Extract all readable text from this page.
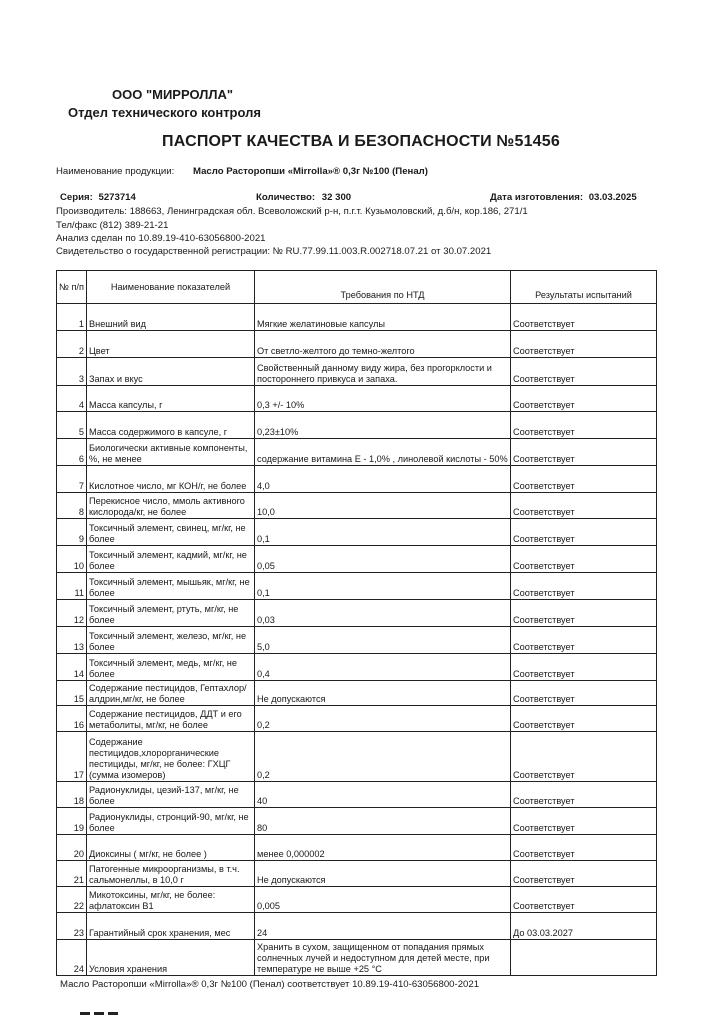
ООО "МИРРОЛЛА"
Отдел технического контроля
ПАСПОРТ КАЧЕСТВА И БЕЗОПАСНОСТИ №51456
Наименование продукции: Масло Расторопши «Mirrolla»® 0,3г №100 (Пенал)
Серия: 5273714	Количество: 32 300	Дата изготовления: 03.03.2025
Производитель: 188663, Ленинградская обл. Всеволожский р-н, п.г.т. Кузьмоловский, д.б/н, кор.186, 271/1
Тел/факс (812) 389-21-21
Анализ сделан по 10.89.19-410-63056800-2021
Свидетельство о государственной регистрации: № RU.77.99.11.003.R.002718.07.21 от 30.07.2021
№ п/п	Наименование показателей	Требования по НТД	Результаты испытаний
1	Внешний вид	Мягкие желатиновые капсулы	Соответствует
2	Цвет	От светло-желтого до темно-желтого	Соответствует
3	Запах и вкус	Свойственный данному виду жира, без прогорклости и постороннего привкуса и запаха.	Соответствует
4	Масса капсулы, г	0,3 +/- 10%	Соответствует
5	Масса содержимого в капсуле, г	0,23±10%	Соответствует
6	Биологически активные компоненты, %, не менее	содержание витамина Е - 1,0% , линолевой кислоты - 50%	Соответствует
7	Кислотное число, мг КОН/г, не более	4,0	Соответствует
8	Перекисное число, ммоль активного кислорода/кг, не более	10,0	Соответствует
9	Токсичный элемент, свинец, мг/кг, не более	0,1	Соответствует
10	Токсичный элемент, кадмий, мг/кг, не более	0,05	Соответствует
11	Токсичный элемент, мышьяк, мг/кг, не более	0,1	Соответствует
12	Токсичный элемент, ртуть, мг/кг, не более	0,03	Соответствует
13	Токсичный элемент, железо, мг/кг, не более	5,0	Соответствует
14	Токсичный элемент, медь, мг/кг, не более	0,4	Соответствует
15	Содержание пестицидов, Гептахлор/ алдрин,мг/кг, не более	Не допускаются	Соответствует
16	Содержание пестицидов, ДДТ и его метаболиты, мг/кг, не более	0,2	Соответствует
17	Содержание пестицидов,хлорорганические пестициды, мг/кг, не более: ГХЦГ (сумма изомеров)	0,2	Соответствует
18	Радионуклиды, цезий-137, мг/кг, не более	40	Соответствует
19	Радионуклиды, стронций-90, мг/кг, не более	80	Соответствует
20	Диоксины ( мг/кг, не более )	менее 0,000002	Соответствует
21	Патогенные микроорганизмы, в т.ч. сальмонеллы, в 10,0 г	Не допускаются	Соответствует
22	Микотоксины, мг/кг, не более: афлатоксин В1	0,005	Соответствует
23	Гарантийный срок хранения, мес	24	До 03.03.2027
24	Условия хранения	Хранить в сухом, защищенном от попадания прямых солнечных лучей и недоступном для детей месте, при температуре не выше +25 °С	
Масло Расторопши «Mirrolla»® 0,3г №100 (Пенал) соответствует 10.89.19-410-63056800-2021
